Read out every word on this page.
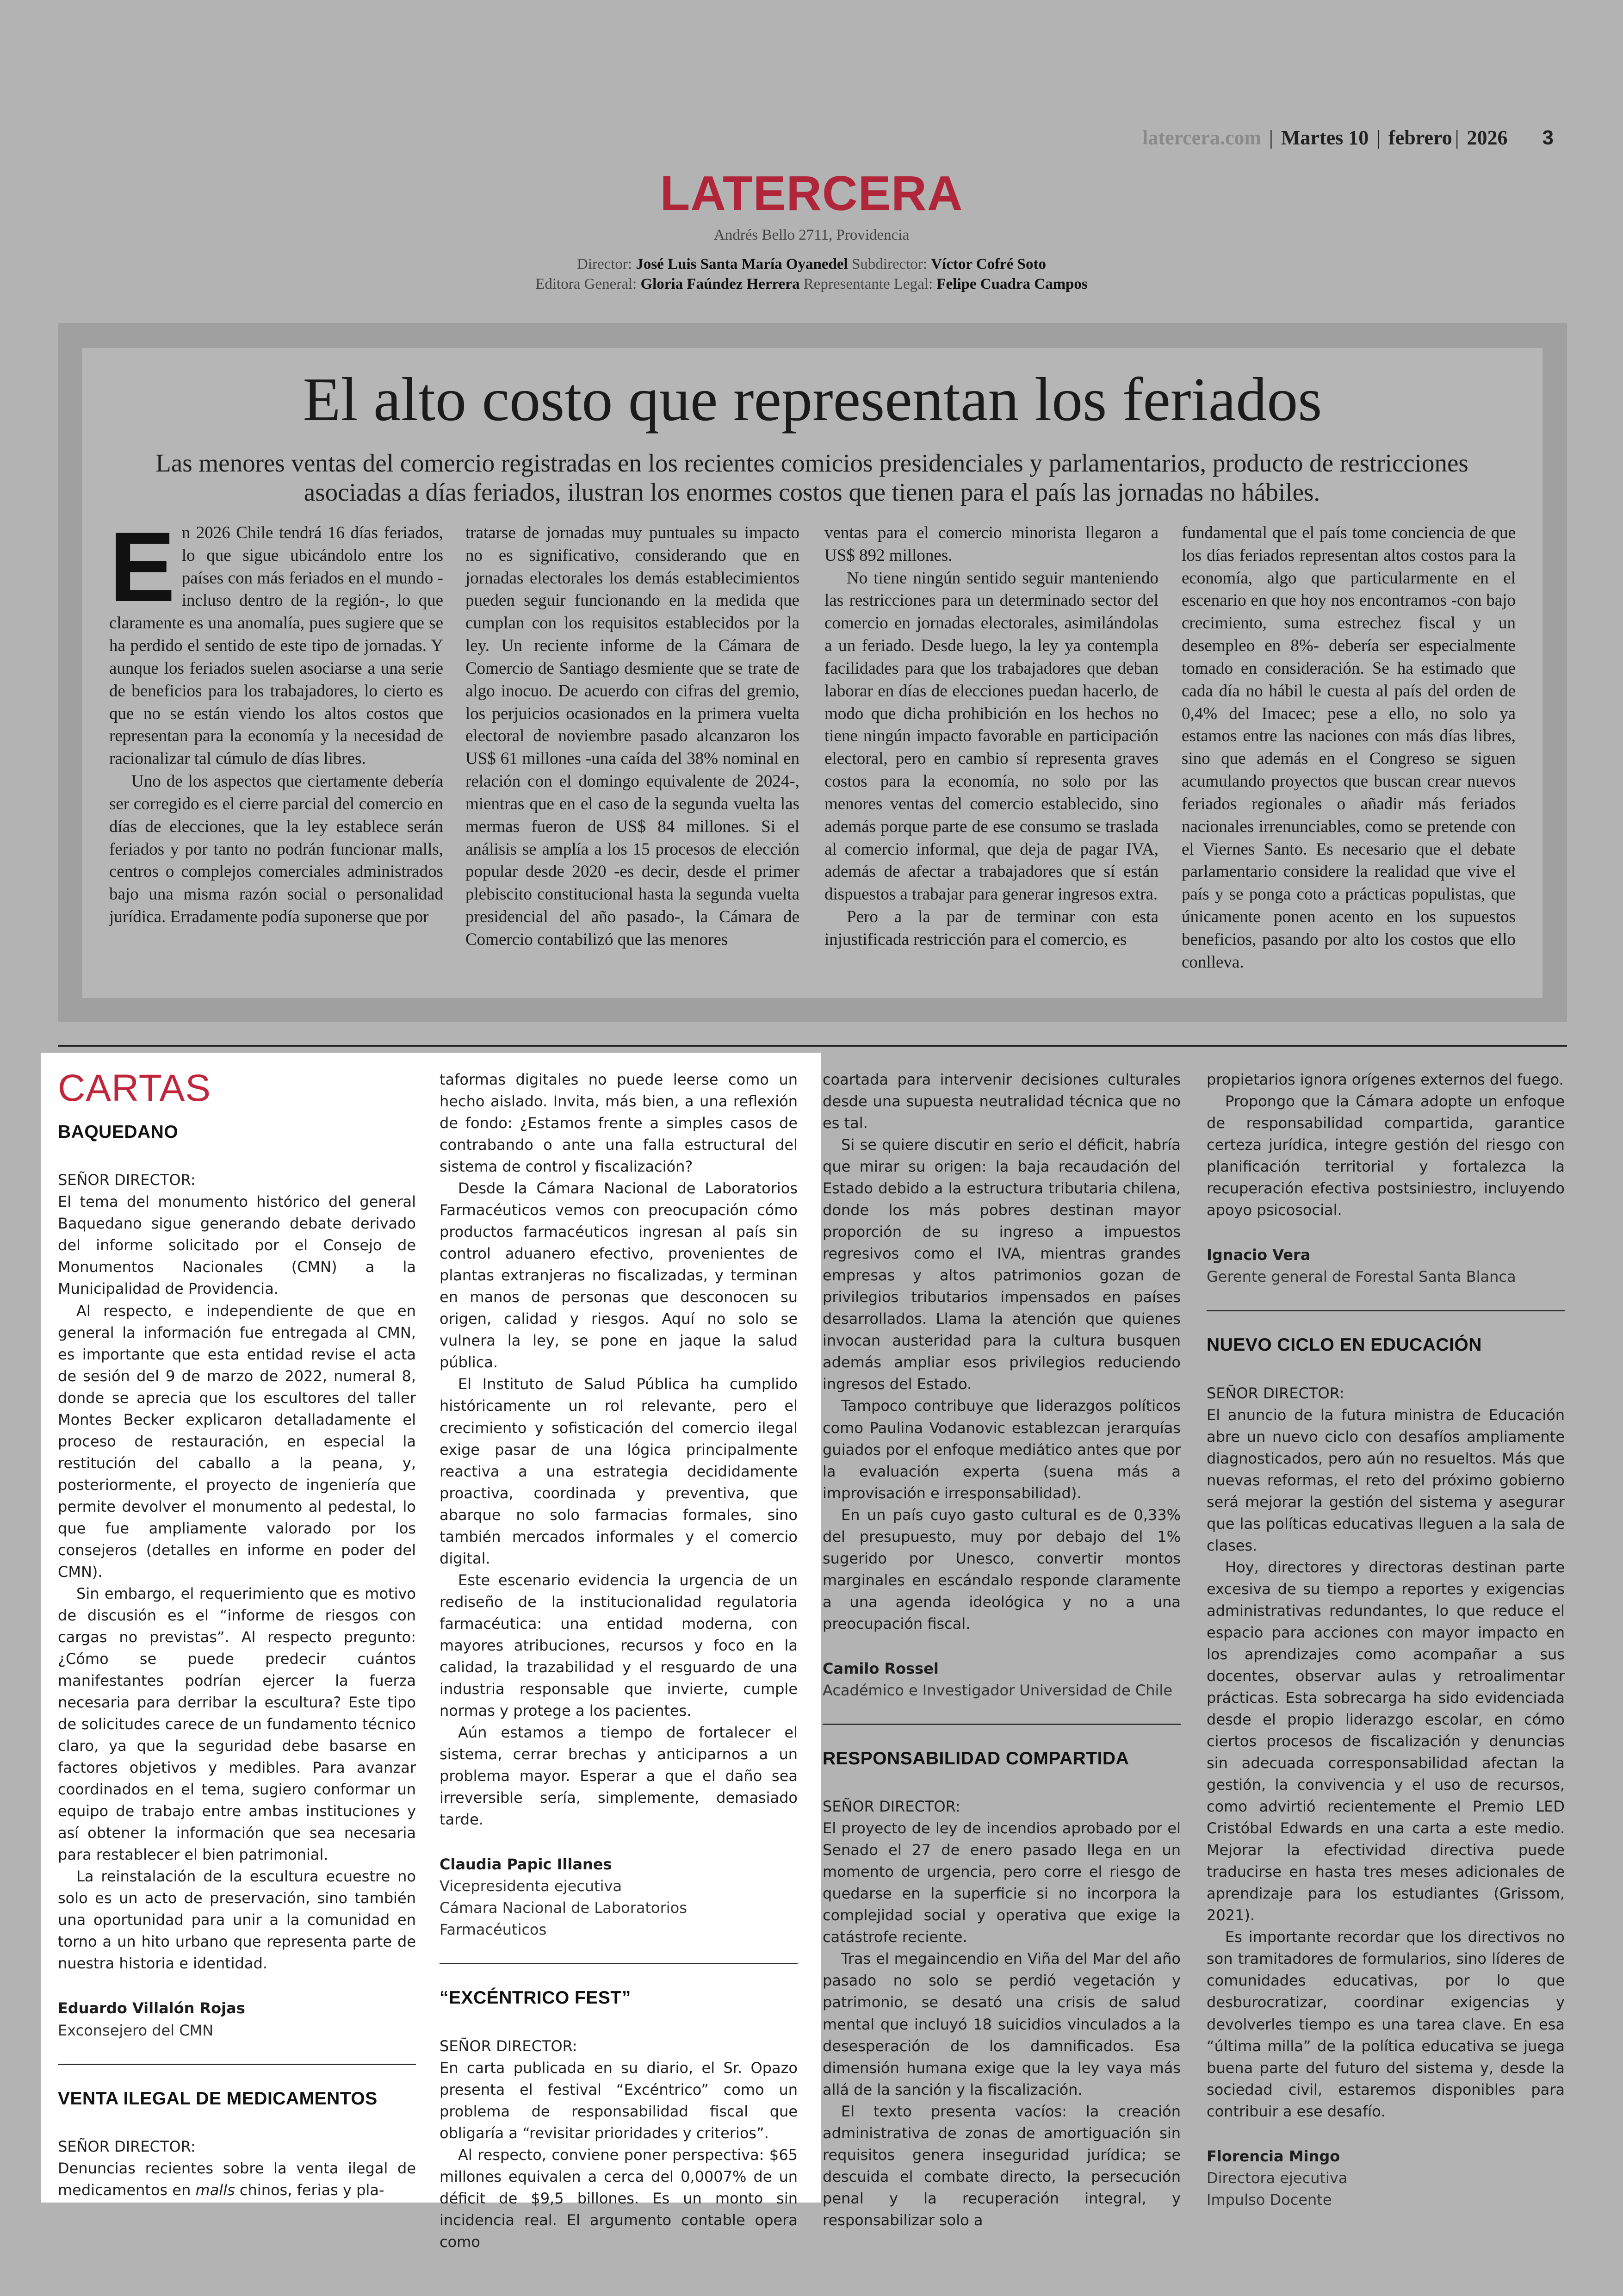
latercera.com | Martes 10 | febrero | 2026 3
LATERCERA
Andrés Bello 2711, Providencia
Director: José Luis Santa María Oyanedel Subdirector: Víctor Cofré Soto
Editora General: Gloria Faúndez Herrera Representante Legal: Felipe Cuadra Campos
El alto costo que representan los feriados
Las menores ventas del comercio registradas en los recientes comicios presidenciales y parlamentarios, producto de restricciones asociadas a días feriados, ilustran los enormes costos que tienen para el país las jornadas no hábiles.

En 2026 Chile tendrá 16 días feriados, lo que sigue ubicándolo entre los países con más feriados en el mundo -incluso dentro de la región-, lo que claramente es una anomalía, pues sugiere que se ha perdido el sentido de este tipo de jornadas. Y aunque los feriados suelen asociarse a una serie de beneficios para los trabajadores, lo cierto es que no se están viendo los altos costos que representan para la economía y la necesidad de racionalizar tal cúmulo de días libres.

Uno de los aspectos que ciertamente debería ser corregido es el cierre parcial del comercio en días de elecciones, que la ley establece serán feriados y por tanto no podrán funcionar malls, centros o complejos comerciales administrados bajo una misma razón social o personalidad jurídica. Erradamente podía suponerse que por

tratarse de jornadas muy puntuales su impacto no es significativo, considerando que en jornadas electorales los demás establecimientos pueden seguir funcionando en la medida que cumplan con los requisitos establecidos por la ley. Un reciente informe de la Cámara de Comercio de Santiago desmiente que se trate de algo inocuo. De acuerdo con cifras del gremio, los perjuicios ocasionados en la primera vuelta electoral de noviembre pasado alcanzaron los US$ 61 millones -una caída del 38% nominal en relación con el domingo equivalente de 2024-, mientras que en el caso de la segunda vuelta las mermas fueron de US$ 84 millones. Si el análisis se amplía a los 15 procesos de elección popular desde 2020 -es decir, desde el primer plebiscito constitucional hasta la segunda vuelta presidencial del año pasado-, la Cámara de Comercio contabilizó que las menores

ventas para el comercio minorista llegaron a US$ 892 millones.

No tiene ningún sentido seguir manteniendo las restricciones para un determinado sector del comercio en jornadas electorales, asimilándolas a un feriado. Desde luego, la ley ya contempla facilidades para que los trabajadores que deban laborar en días de elecciones puedan hacerlo, de modo que dicha prohibición en los hechos no tiene ningún impacto favorable en participación electoral, pero en cambio sí representa graves costos para la economía, no solo por las menores ventas del comercio establecido, sino además porque parte de ese consumo se traslada al comercio informal, que deja de pagar IVA, además de afectar a trabajadores que sí están dispuestos a trabajar para generar ingresos extra.

Pero a la par de terminar con esta injustificada restricción para el comercio, es

fundamental que el país tome conciencia de que los días feriados representan altos costos para la economía, algo que particularmente en el escenario en que hoy nos encontramos -con bajo crecimiento, suma estrechez fiscal y un desempleo en 8%- debería ser especialmente tomado en consideración. Se ha estimado que cada día no hábil le cuesta al país del orden de 0,4% del Imacec; pese a ello, no solo ya estamos entre las naciones con más días libres, sino que además en el Congreso se siguen acumulando proyectos que buscan crear nuevos feriados regionales o añadir más feriados nacionales irrenunciables, como se pretende con el Viernes Santo. Es necesario que el debate parlamentario considere la realidad que vive el país y se ponga coto a prácticas populistas, que únicamente ponen acento en los supuestos beneficios, pasando por alto los costos que ello conlleva.

CARTAS
BAQUEDANO

SEÑOR DIRECTOR:

El tema del monumento histórico del general Baquedano sigue generando debate derivado del informe solicitado por el Consejo de Monumentos Nacionales (CMN) a la Municipalidad de Providencia.

Al respecto, e independiente de que en general la información fue entregada al CMN, es importante que esta entidad revise el acta de sesión del 9 de marzo de 2022, numeral 8, donde se aprecia que los escultores del taller Montes Becker explicaron detalladamente el proceso de restauración, en especial la restitución del caballo a la peana, y, posteriormente, el proyecto de ingeniería que permite devolver el monumento al pedestal, lo que fue ampliamente valorado por los consejeros (detalles en informe en poder del CMN).

Sin embargo, el requerimiento que es motivo de discusión es el “informe de riesgos con cargas no previstas”. Al respecto pregunto: ¿Cómo se puede predecir cuántos manifestantes podrían ejercer la fuerza necesaria para derribar la escultura? Este tipo de solicitudes carece de un fundamento técnico claro, ya que la seguridad debe basarse en factores objetivos y medibles. Para avanzar coordinados en el tema, sugiero conformar un equipo de trabajo entre ambas instituciones y así obtener la información que sea necesaria para restablecer el bien patrimonial.

La reinstalación de la escultura ecuestre no solo es un acto de preservación, sino también una oportunidad para unir a la comunidad en torno a un hito urbano que representa parte de nuestra historia e identidad.

Eduardo Villalón Rojas

Exconsejero del CMN

VENTA ILEGAL DE MEDICAMENTOS

SEÑOR DIRECTOR:

Denuncias recientes sobre la venta ilegal de medicamentos en malls chinos, ferias y pla-

taformas digitales no puede leerse como un hecho aislado. Invita, más bien, a una reflexión de fondo: ¿Estamos frente a simples casos de contrabando o ante una falla estructural del sistema de control y fiscalización?

Desde la Cámara Nacional de Laboratorios Farmacéuticos vemos con preocupación cómo productos farmacéuticos ingresan al país sin control aduanero efectivo, provenientes de plantas extranjeras no fiscalizadas, y terminan en manos de personas que desconocen su origen, calidad y riesgos. Aquí no solo se vulnera la ley, se pone en jaque la salud pública.

El Instituto de Salud Pública ha cumplido históricamente un rol relevante, pero el crecimiento y sofisticación del comercio ilegal exige pasar de una lógica principalmente reactiva a una estrategia decididamente proactiva, coordinada y preventiva, que abarque no solo farmacias formales, sino también mercados informales y el comercio digital.

Este escenario evidencia la urgencia de un rediseño de la institucionalidad regulatoria farmacéutica: una entidad moderna, con mayores atribuciones, recursos y foco en la calidad, la trazabilidad y el resguardo de una industria responsable que invierte, cumple normas y protege a los pacientes.

Aún estamos a tiempo de fortalecer el sistema, cerrar brechas y anticiparnos a un problema mayor. Esperar a que el daño sea irreversible sería, simplemente, demasiado tarde.

Claudia Papic Illanes

Vicepresidenta ejecutiva

Cámara Nacional de Laboratorios Farmacéuticos

“EXCÉNTRICO FEST”

SEÑOR DIRECTOR:

En carta publicada en su diario, el Sr. Opazo presenta el festival “Excéntrico” como un problema de responsabilidad fiscal que obligaría a “revisitar prioridades y criterios”.

Al respecto, conviene poner perspectiva: $65 millones equivalen a cerca del 0,0007% de un déficit de $9,5 billones. Es un monto sin incidencia real. El argumento contable opera como

coartada para intervenir decisiones culturales desde una supuesta neutralidad técnica que no es tal.

Si se quiere discutir en serio el déficit, habría que mirar su origen: la baja recaudación del Estado debido a la estructura tributaria chilena, donde los más pobres destinan mayor proporción de su ingreso a impuestos regresivos como el IVA, mientras grandes empresas y altos patrimonios gozan de privilegios tributarios impensados en países desarrollados. Llama la atención que quienes invocan austeridad para la cultura busquen además ampliar esos privilegios reduciendo ingresos del Estado.

Tampoco contribuye que liderazgos políticos como Paulina Vodanovic establezcan jerarquías guiados por el enfoque mediático antes que por la evaluación experta (suena más a improvisación e irresponsabilidad).

En un país cuyo gasto cultural es de 0,33% del presupuesto, muy por debajo del 1% sugerido por Unesco, convertir montos marginales en escándalo responde claramente a una agenda ideológica y no a una preocupación fiscal.

Camilo Rossel

Académico e Investigador Universidad de Chile

RESPONSABILIDAD COMPARTIDA

SEÑOR DIRECTOR:

El proyecto de ley de incendios aprobado por el Senado el 27 de enero pasado llega en un momento de urgencia, pero corre el riesgo de quedarse en la superficie si no incorpora la complejidad social y operativa que exige la catástrofe reciente.

Tras el megaincendio en Viña del Mar del año pasado no solo se perdió vegetación y patrimonio, se desató una crisis de salud mental que incluyó 18 suicidios vinculados a la desesperación de los damnificados. Esa dimensión humana exige que la ley vaya más allá de la sanción y la fiscalización.

El texto presenta vacíos: la creación administrativa de zonas de amortiguación sin requisitos genera inseguridad jurídica; se descuida el combate directo, la persecución penal y la recuperación integral, y responsabilizar solo a

propietarios ignora orígenes externos del fuego.

Propongo que la Cámara adopte un enfoque de responsabilidad compartida, garantice certeza jurídica, integre gestión del riesgo con planificación territorial y fortalezca la recuperación efectiva postsiniestro, incluyendo apoyo psicosocial.

Ignacio Vera

Gerente general de Forestal Santa Blanca

NUEVO CICLO EN EDUCACIÓN

SEÑOR DIRECTOR:

El anuncio de la futura ministra de Educación abre un nuevo ciclo con desafíos ampliamente diagnosticados, pero aún no resueltos. Más que nuevas reformas, el reto del próximo gobierno será mejorar la gestión del sistema y asegurar que las políticas educativas lleguen a la sala de clases.

Hoy, directores y directoras destinan parte excesiva de su tiempo a reportes y exigencias administrativas redundantes, lo que reduce el espacio para acciones con mayor impacto en los aprendizajes como acompañar a sus docentes, observar aulas y retroalimentar prácticas. Esta sobrecarga ha sido evidenciada desde el propio liderazgo escolar, en cómo ciertos procesos de fiscalización y denuncias sin adecuada corresponsabilidad afectan la gestión, la convivencia y el uso de recursos, como advirtió recientemente el Premio LED Cristóbal Edwards en una carta a este medio. Mejorar la efectividad directiva puede traducirse en hasta tres meses adicionales de aprendizaje para los estudiantes (Grissom, 2021).

Es importante recordar que los directivos no son tramitadores de formularios, sino líderes de comunidades educativas, por lo que desburocratizar, coordinar exigencias y devolverles tiempo es una tarea clave. En esa “última milla” de la política educativa se juega buena parte del futuro del sistema y, desde la sociedad civil, estaremos disponibles para contribuir a ese desafío.

Florencia Mingo

Directora ejecutiva

Impulso Docente
